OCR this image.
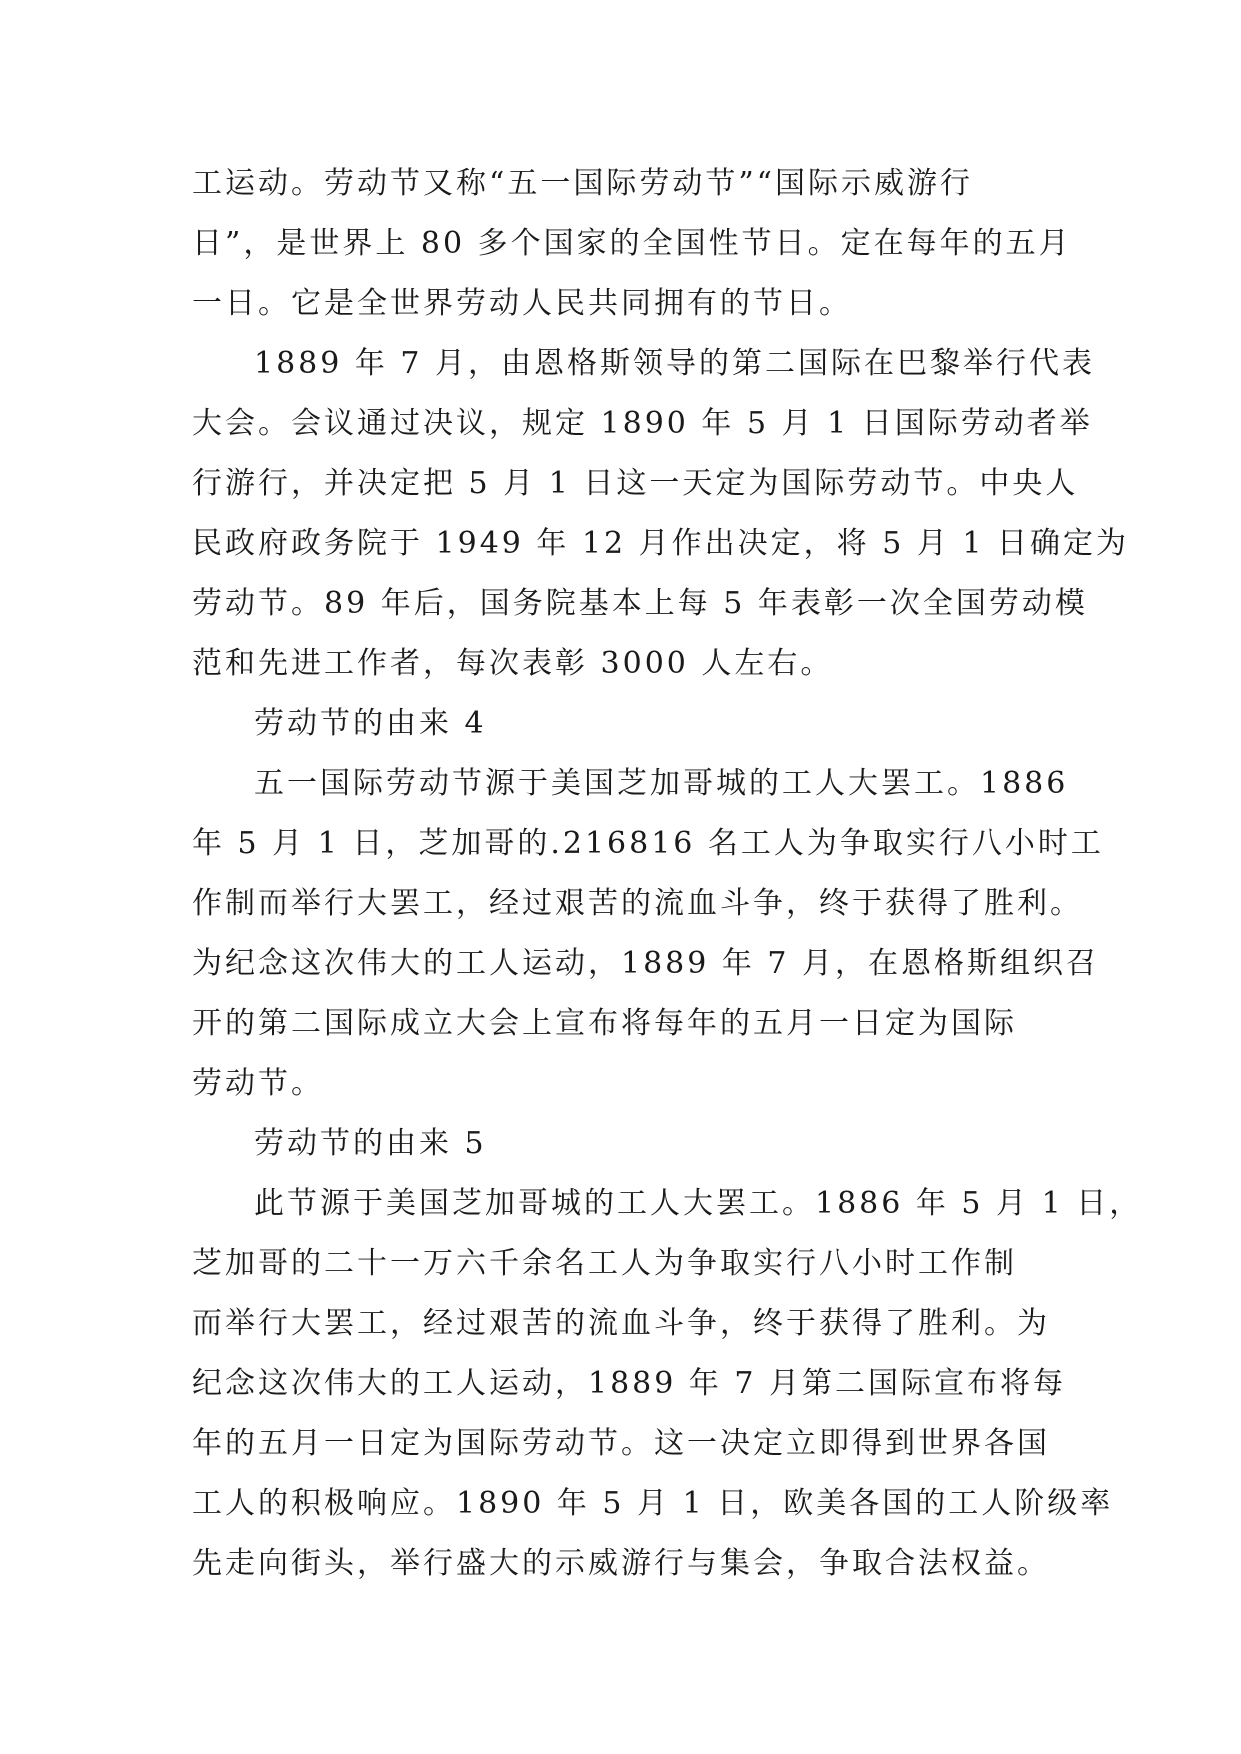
工运动。劳动节又称“五一国际劳动节”“国际示威游行
日”，是世界上 80 多个国家的全国性节日。定在每年的五月
一日。它是全世界劳动人民共同拥有的节日。
1889 年 7 月，由恩格斯领导的第二国际在巴黎举行代表
大会。会议通过决议，规定 1890 年 5 月 1 日国际劳动者举
行游行，并决定把 5 月 1 日这一天定为国际劳动节。中央人
民政府政务院于 1949 年 12 月作出决定，将 5 月 1 日确定为
劳动节。89 年后，国务院基本上每 5 年表彰一次全国劳动模
范和先进工作者，每次表彰 3000 人左右。
劳动节的由来 4
五一国际劳动节源于美国芝加哥城的工人大罢工。1886
年 5 月 1 日，芝加哥的.216816 名工人为争取实行八小时工
作制而举行大罢工，经过艰苦的流血斗争，终于获得了胜利。
为纪念这次伟大的工人运动，1889 年 7 月，在恩格斯组织召
开的第二国际成立大会上宣布将每年的五月一日定为国际
劳动节。
劳动节的由来 5
此节源于美国芝加哥城的工人大罢工。1886 年 5 月 1 日，
芝加哥的二十一万六千余名工人为争取实行八小时工作制
而举行大罢工，经过艰苦的流血斗争，终于获得了胜利。为
纪念这次伟大的工人运动，1889 年 7 月第二国际宣布将每
年的五月一日定为国际劳动节。这一决定立即得到世界各国
工人的积极响应。1890 年 5 月 1 日，欧美各国的工人阶级率
先走向街头，举行盛大的示威游行与集会，争取合法权益。
